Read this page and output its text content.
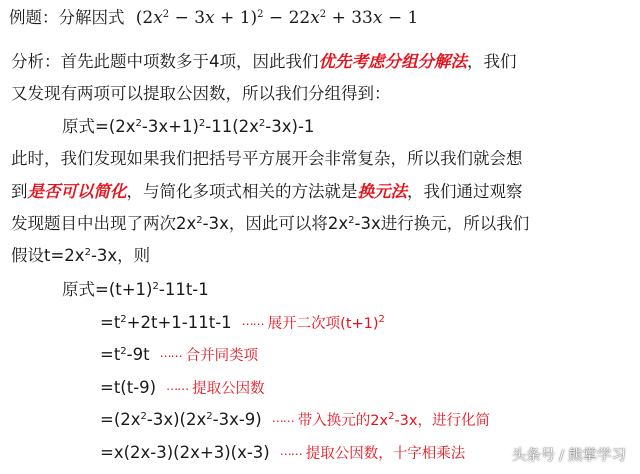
例题：分解因式 $(2x^2 - 3x + 1)^2 - 22x^2 + 33x - 1$
分析：首先此题中项数多于4项，因此我们优先考虑分组分解法，我们
又发现有两项可以提取公因数，所以我们分组得到：
原式$=(2x^2-3x+1)^2-11(2x^2-3x)-1$
此时，我们发现如果我们把括号平方展开会非常复杂，所以我们就会想
到是否可以简化，与简化多项式相关的方法就是换元法，我们通过观察
发现题目中出现了两次$2x^2-3x$，因此可以将$2x^2-3x$进行换元，所以我们
假设$t=2x^2-3x$，则
原式$=(t+1)^2-11t-1$
$=t^2+2t+1-11t-1$ …… 展开二次项$(t+1)^2$
$=t^2-9t$ …… 合并同类项
=t(t-9) …… 提取公因数
$=(2x^2-3x)(2x^2-3x-9)$ …… 带入换元的$2x^2-3x$，进行化简
=x(2x-3)(2x+3)(x-3) …… 提取公因数，十字相乘法	头条号 / 熊掌学习
